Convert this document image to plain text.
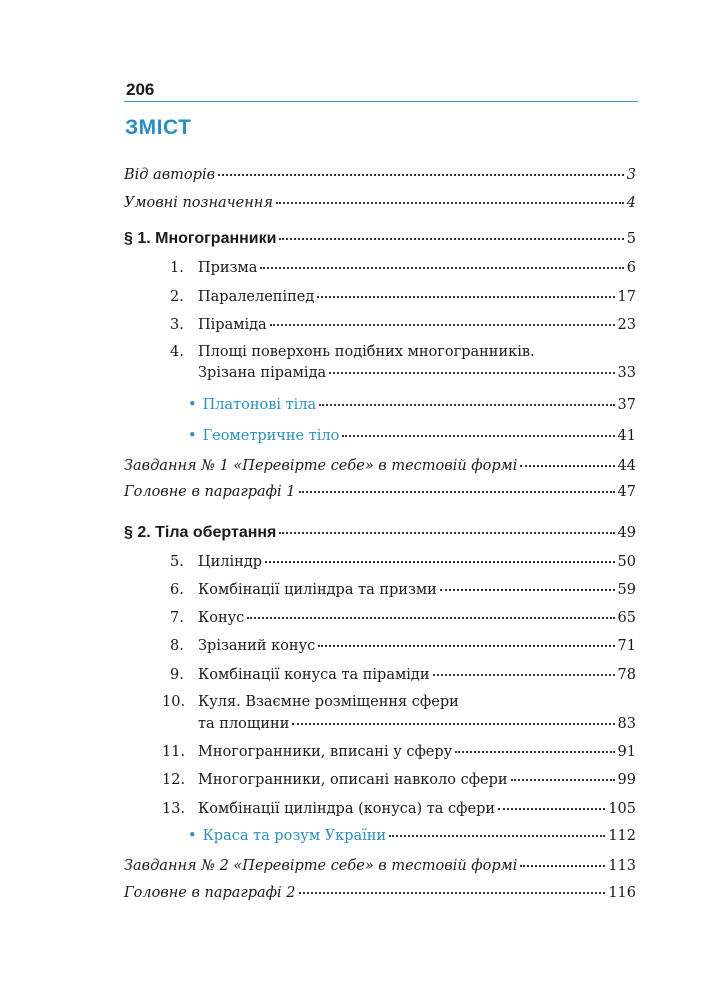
206
ЗМІСТ
Від авторів	3
Умовні позначення	4
§ 1. Многогранники	5
1. Призма	6
2. Паралелепіпед	17
3. Піраміда	23
4. Площі поверхонь подібних многогранників.
Зрізана піраміда	33
• Платонові тіла	37
• Геометричне тіло	41
Завдання № 1 «Перевірте себе» в тестовій формі	44
Головне в параграфі 1	47
§ 2. Тіла обертання	49
5. Циліндр	50
6. Комбінації циліндра та призми	59
7. Конус	65
8. Зрізаний конус	71
9. Комбінації конуса та піраміди	78
10. Куля. Взаємне розміщення сфери
та площини	83
11. Многогранники, вписані у сферу	91
12. Многогранники, описані навколо сфери	99
13. Комбінації циліндра (конуса) та сфери	105
• Краса та розум України	112
Завдання № 2 «Перевірте себе» в тестовій формі	113
Головне в параграфі 2	116
